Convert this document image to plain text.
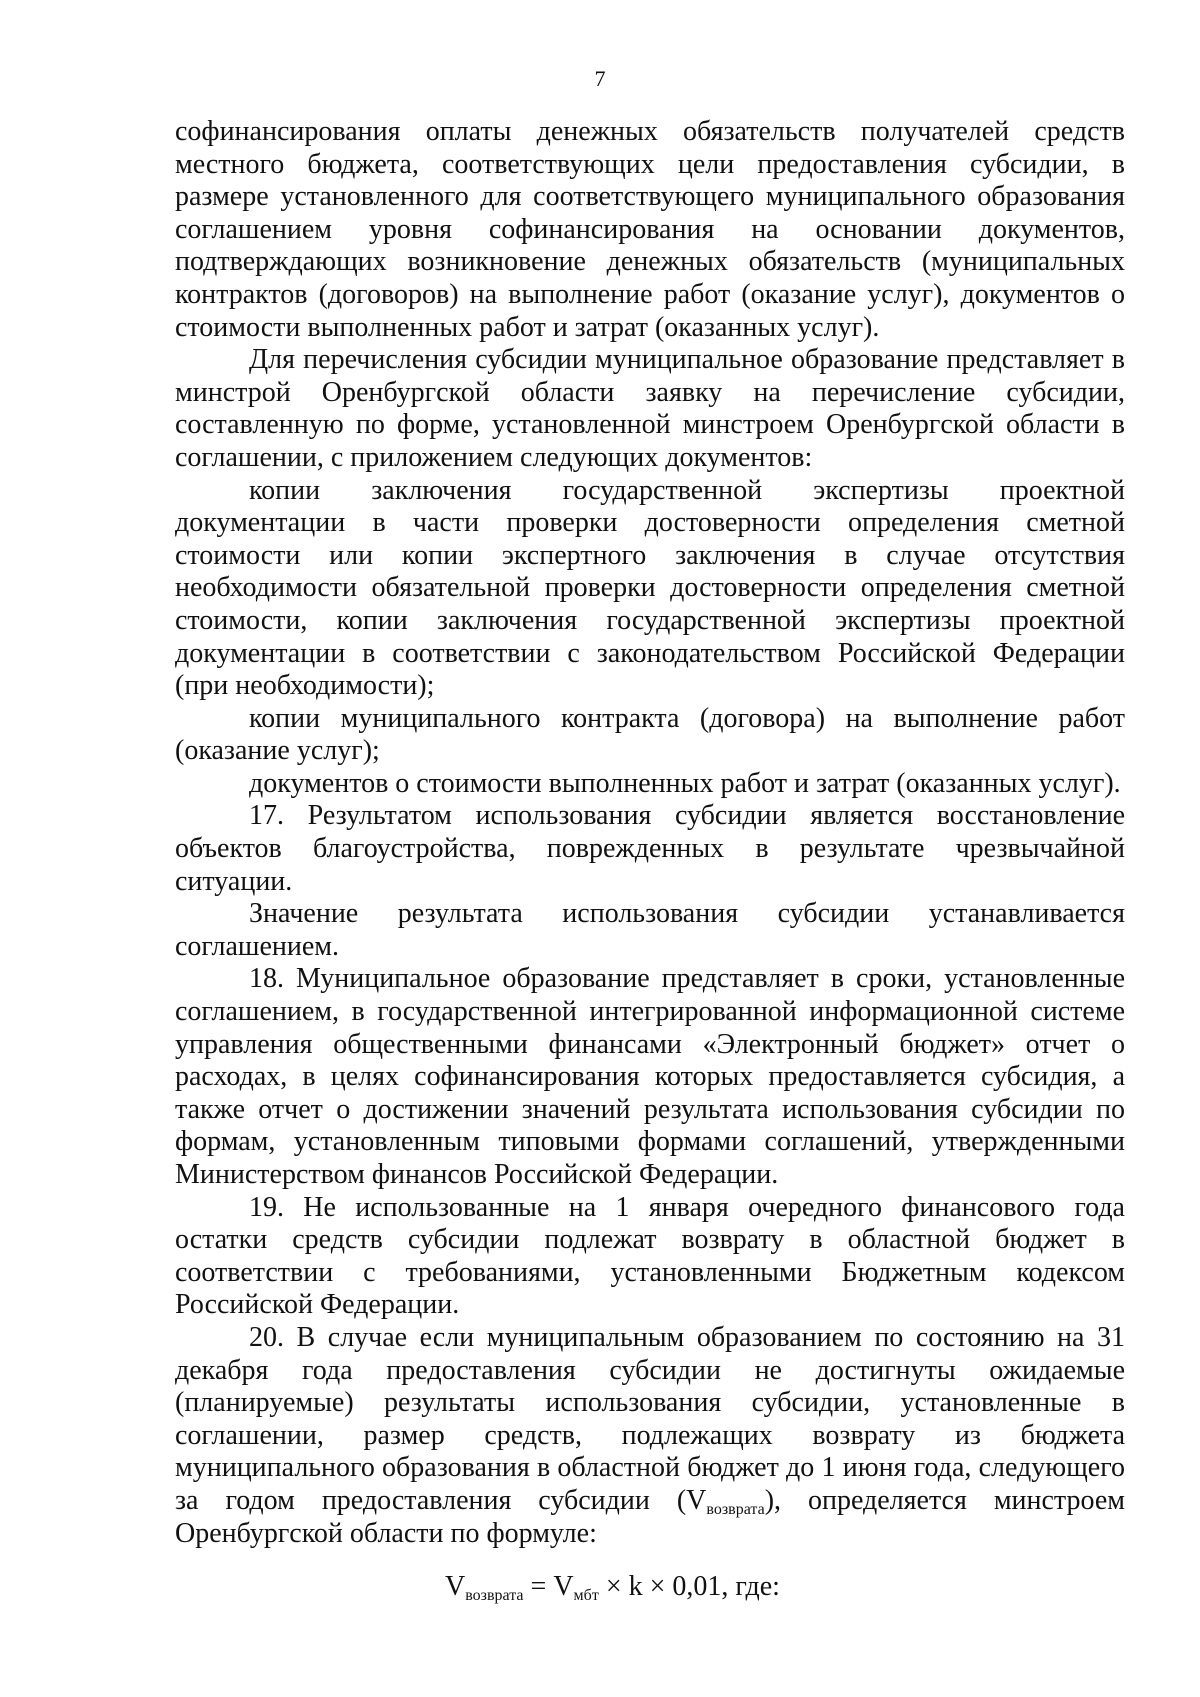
7

софинансирования оплаты денежных обязательств получателей средств местного бюджета, соответствующих цели предоставления субсидии, в размере установленного для соответствующего муниципального образования соглашением уровня софинансирования на основании документов, подтверждающих возникновение денежных обязательств (муниципальных контрактов (договоров) на выполнение работ (оказание услуг), документов о стоимости выполненных работ и затрат (оказанных услуг).

Для перечисления субсидии муниципальное образование представляет в минстрой Оренбургской области заявку на перечисление субсидии, составленную по форме, установленной минстроем Оренбургской области в соглашении, с приложением следующих документов:

копии заключения государственной экспертизы проектной документации в части проверки достоверности определения сметной стоимости или копии экспертного заключения в случае отсутствия необходимости обязательной проверки достоверности определения сметной стоимости, копии заключения государственной экспертизы проектной документации в соответствии с законодательством Российской Федерации (при необходимости);

копии муниципального контракта (договора) на выполнение работ (оказание услуг);

документов о стоимости выполненных работ и затрат (оказанных услуг).

17. Результатом использования субсидии является восстановление объектов благоустройства, поврежденных в результате чрезвычайной ситуации.

Значение результата использования субсидии устанавливается соглашением.

18. Муниципальное образование представляет в сроки, установленные соглашением, в государственной интегрированной информационной системе управления общественными финансами «Электронный бюджет» отчет о расходах, в целях софинансирования которых предоставляется субсидия, а также отчет о достижении значений результата использования субсидии по формам, установленным типовыми формами соглашений, утвержденными Министерством финансов Российской Федерации.

19. Не использованные на 1 января очередного финансового года остатки средств субсидии подлежат возврату в областной бюджет в соответствии с требованиями, установленными Бюджетным кодексом Российской Федерации.

20. В случае если муниципальным образованием по состоянию на 31 декабря года предоставления субсидии не достигнуты ожидаемые (планируемые) результаты использования субсидии, установленные в соглашении, размер средств, подлежащих возврату из бюджета муниципального образования в областной бюджет до 1 июня года, следующего за годом предоставления субсидии $(V_{возврата})$, определяется минстроем Оренбургской области по формуле:

$V_{возврата} = V_{мбт} \times k \times 0,01$, где:
